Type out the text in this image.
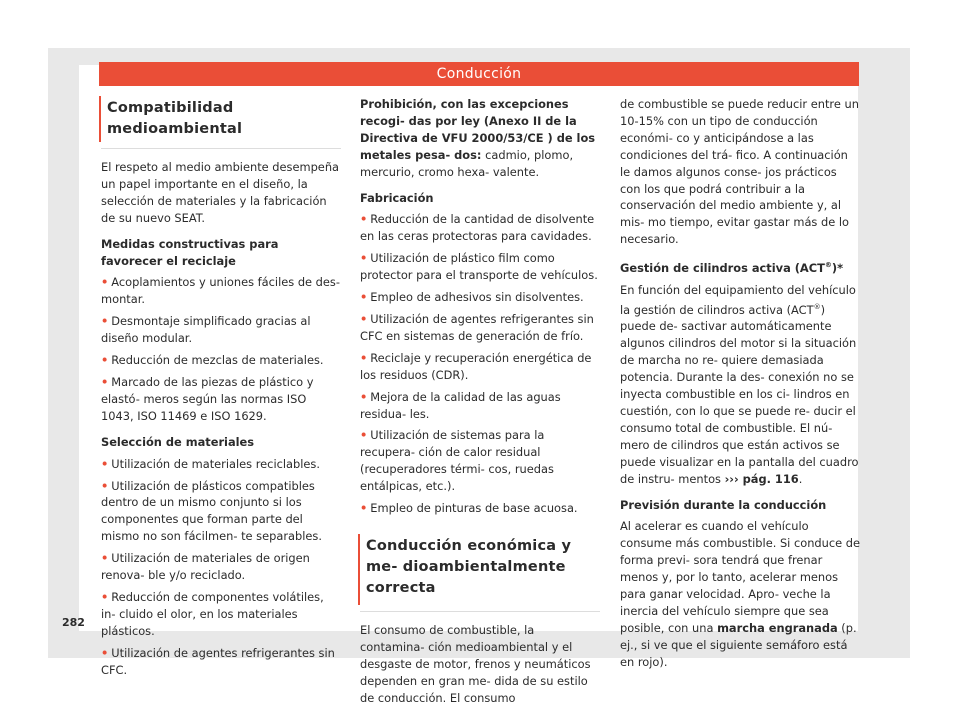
Conducción
282
Compatibilidad medioambiental

El respeto al medio ambiente desempeña un papel importante en el diseño, la selección de materiales y la fabricación de su nuevo SEAT.

Medidas constructivas para favorecer el reciclaje
• Acoplamientos y uniones fáciles de des- montar.
• Desmontaje simplificado gracias al diseño modular.
• Reducción de mezclas de materiales.
• Marcado de las piezas de plástico y elastó- meros según las normas ISO 1043, ISO 11469 e ISO 1629.
Selección de materiales
• Utilización de materiales reciclables.
• Utilización de plásticos compatibles dentro de un mismo conjunto si los componentes que forman parte del mismo no son fácilmen- te separables.
• Utilización de materiales de origen renova- ble y/o reciclado.
• Reducción de componentes volátiles, in- cluido el olor, en los materiales plásticos.
• Utilización de agentes refrigerantes sin CFC.

Prohibición, con las excepciones recogi- das por ley (Anexo II de la Directiva de VFU 2000/53/CE ) de los metales pesa- dos: cadmio, plomo, mercurio, cromo hexa- valente.

Fabricación
• Reducción de la cantidad de disolvente en las ceras protectoras para cavidades.
• Utilización de plástico film como protector para el transporte de vehículos.
• Empleo de adhesivos sin disolventes.
• Utilización de agentes refrigerantes sin CFC en sistemas de generación de frío.
• Reciclaje y recuperación energética de los residuos (CDR).
• Mejora de la calidad de las aguas residua- les.
• Utilización de sistemas para la recupera- ción de calor residual (recuperadores térmi- cos, ruedas entálpicas, etc.).
• Empleo de pinturas de base acuosa.
Conducción económica y me- dioambientalmente correcta

El consumo de combustible, la contamina- ción medioambiental y el desgaste de motor, frenos y neumáticos dependen en gran me- dida de su estilo de conducción. El consumo

de combustible se puede reducir entre un 10-15% con un tipo de conducción económi- co y anticipándose a las condiciones del trá- fico. A continuación le damos algunos conse- jos prácticos con los que podrá contribuir a la conservación del medio ambiente y, al mis- mo tiempo, evitar gastar más de lo necesario.

Gestión de cilindros activa (ACT®)*

En función del equipamiento del vehículo la gestión de cilindros activa (ACT®) puede de- sactivar automáticamente algunos cilindros del motor si la situación de marcha no re- quiere demasiada potencia. Durante la des- conexión no se inyecta combustible en los ci- lindros en cuestión, con lo que se puede re- ducir el consumo total de combustible. El nú- mero de cilindros que están activos se puede visualizar en la pantalla del cuadro de instru- mentos ››› pág. 116.

Previsión durante la conducción

Al acelerar es cuando el vehículo consume más combustible. Si conduce de forma previ- sora tendrá que frenar menos y, por lo tanto, acelerar menos para ganar velocidad. Apro- veche la inercia del vehículo siempre que sea posible, con una marcha engranada (p. ej., si ve que el siguiente semáforo está en rojo).
